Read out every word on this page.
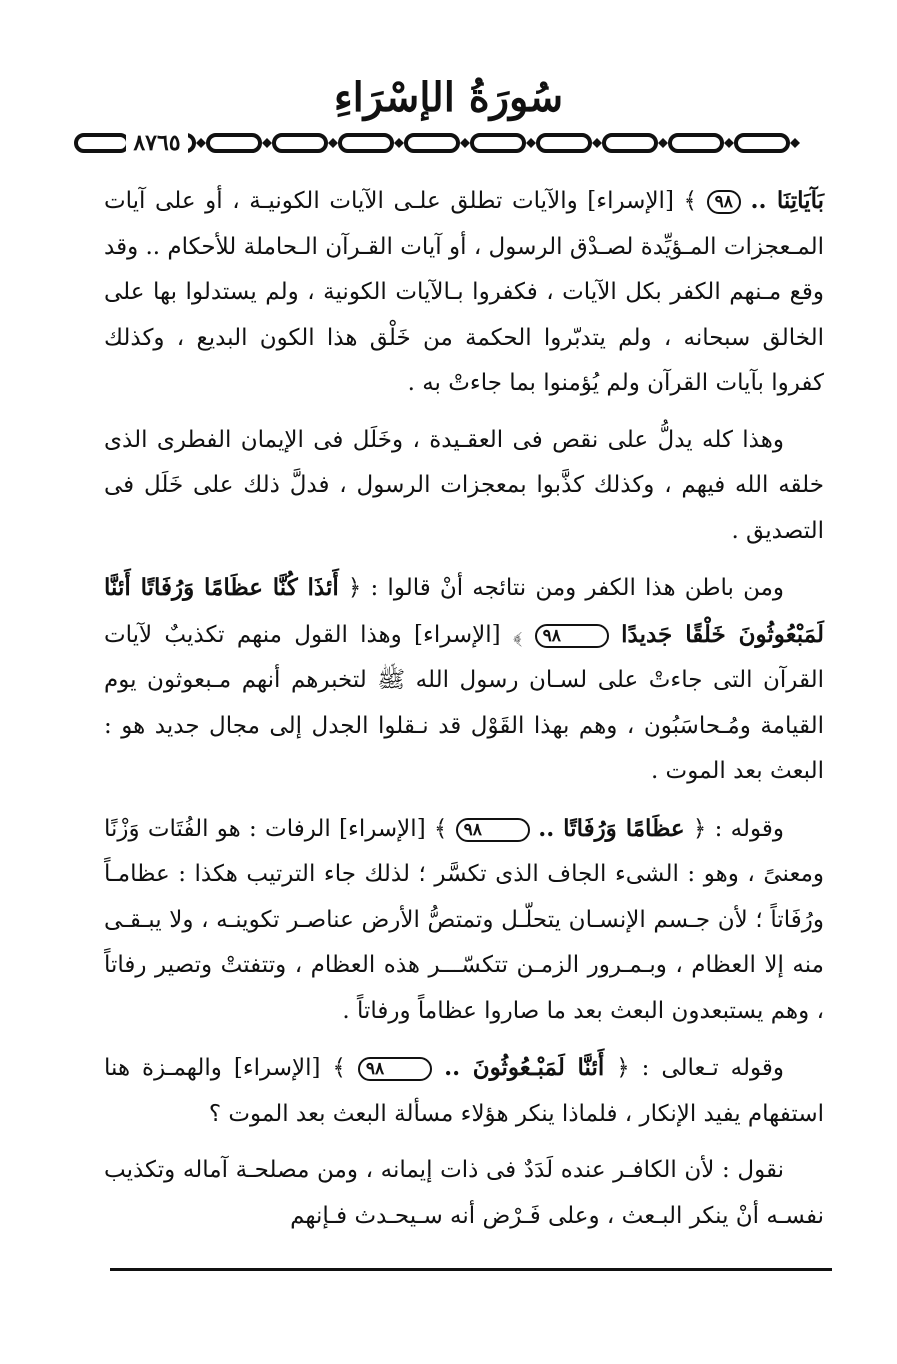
سُورَةُ الإسْرَاءِ
٨٧٦٥

بَآيَاتِنَا .. ٩٨ ﴾ [الإسراء] والآيات تطلق علـى الآيات الكونيـة ، أو على آيات المـعجزات المـؤيِّدة لصـدْق الرسول ، أو آيات القـرآن الـحاملة للأحكام .. وقد وقع مـنهم الكفر بكل الآيات ، فكفروا بـالآيات الكونية ، ولم يستدلوا بها على الخالق سبحانه ، ولم يتدبّروا الحكمة من خَلْق هذا الكون البديع ، وكذلك كفروا بآيات القرآن ولم يُؤمنوا بما جاءتْ به .

وهذا كله يدلُّ على نقص فى العقـيدة ، وخَلَل فى الإيمان الفطرى الذى خلقه الله فيهم ، وكذلك كذَّبوا بمعجزات الرسول ، فدلَّ ذلك على خَلَل فى التصديق .

ومن باطن هذا الكفر ومن نتائجه أنْ قالوا : ﴿ أَئذَا كُنَّا عظَامًا وَرُفَاتًا أَئنَّا لَمَبْعُوثُونَ خَلْقًا جَديدًا ٩٨ ﴾ [الإسراء] وهذا القول منهم تكذيبٌ لآيات القرآن التى جاءتْ على لسـان رسول الله ﷺ لتخبرهم أنهم مـبعوثون يوم القيامة ومُـحاسَبُون ، وهم بهذا القَوْل قد نـقلوا الجدل إلى مجال جديد هو : البعث بعد الموت .

وقوله : ﴿ عظَامًا وَرُفَاتًا .. ٩٨ ﴾ [الإسراء] الرفات : هو الفُتَات وَزْنًا ومعنىً ، وهو : الشىء الجاف الذى تكسَّر ؛ لذلك جاء الترتيب هكذا : عظامـاً ورُفَاتاً ؛ لأن جـسم الإنسـان يتحلّـل وتمتصُّ الأرض عناصـر تكوينـه ، ولا يبـقـى منه إلا العظام ، وبـمـرور الزمـن تتكسّـــر هذه العظام ، وتتفتتْ وتصير رفاتاً ، وهم يستبعدون البعث بعد ما صاروا عظاماً ورفاتاً .

وقوله تـعالى : ﴿ أَئنَّا لَمَبْـعُوثُونَ .. ٩٨ ﴾ [الإسراء] والهمـزة هنا استفهام يفيد الإنكار ، فلماذا ينكر هؤلاء مسألة البعث بعد الموت ؟

نقول : لأن الكافـر عنده لَدَدٌ فى ذات إيمانه ، ومن مصلحـة آماله وتكذيب نفسـه أنْ ينكر البـعث ، وعلى فَـرْض أنه سـيحـدث فـإنهم
